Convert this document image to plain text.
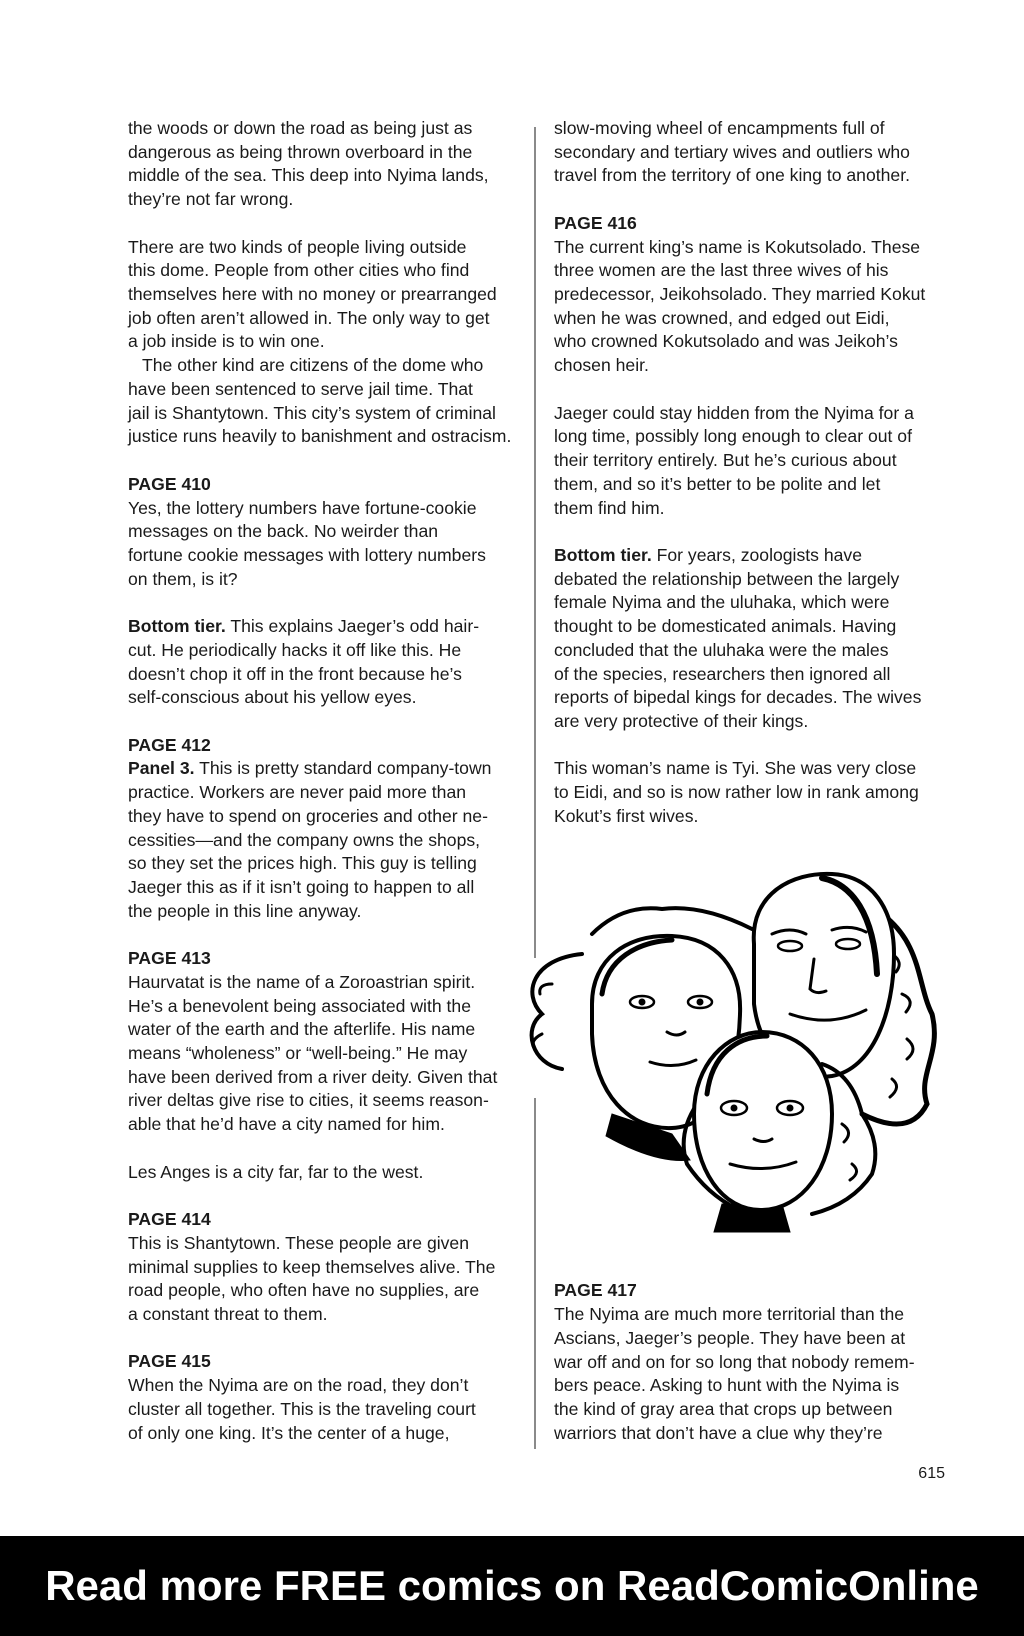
the woods or down the road as being just as
dangerous as being thrown overboard in the
middle of the sea. This deep into Nyima lands,
they’re not far wrong.
There are two kinds of people living outside
this dome. People from other cities who find
themselves here with no money or prearranged
job often aren’t allowed in. The only way to get
a job inside is to win one.
The other kind are citizens of the dome who
have been sentenced to serve jail time. That
jail is Shantytown. This city’s system of criminal
justice runs heavily to banishment and ostracism.
PAGE 410
Yes, the lottery numbers have fortune-cookie
messages on the back. No weirder than
fortune cookie messages with lottery numbers
on them, is it?
Bottom tier. This explains Jaeger’s odd hair-
cut. He periodically hacks it off like this. He
doesn’t chop it off in the front because he’s
self-conscious about his yellow eyes.
PAGE 412
Panel 3. This is pretty standard company-town
practice. Workers are never paid more than
they have to spend on groceries and other ne-
cessities—and the company owns the shops,
so they set the prices high. This guy is telling
Jaeger this as if it isn’t going to happen to all
the people in this line anyway.
PAGE 413
Haurvatat is the name of a Zoroastrian spirit.
He’s a benevolent being associated with the
water of the earth and the afterlife. His name
means “wholeness” or “well-being.” He may
have been derived from a river deity. Given that
river deltas give rise to cities, it seems reason-
able that he’d have a city named for him.
Les Anges is a city far, far to the west.
PAGE 414
This is Shantytown. These people are given
minimal supplies to keep themselves alive. The
road people, who often have no supplies, are
a constant threat to them.
PAGE 415
When the Nyima are on the road, they don’t
cluster all together. This is the traveling court
of only one king. It’s the center of a huge,
slow-moving wheel of encampments full of
secondary and tertiary wives and outliers who
travel from the territory of one king to another.
PAGE 416
The current king’s name is Kokutsolado. These
three women are the last three wives of his
predecessor, Jeikohsolado. They married Kokut
when he was crowned, and edged out Eidi,
who crowned Kokutsolado and was Jeikoh’s
chosen heir.
Jaeger could stay hidden from the Nyima for a
long time, possibly long enough to clear out of
their territory entirely. But he’s curious about
them, and so it’s better to be polite and let
them find him.
Bottom tier. For years, zoologists have
debated the relationship between the largely
female Nyima and the uluhaka, which were
thought to be domesticated animals. Having
concluded that the uluhaka were the males
of the species, researchers then ignored all
reports of bipedal kings for decades. The wives
are very protective of their kings.
This woman’s name is Tyi. She was very close
to Eidi, and so is now rather low in rank among
Kokut’s first wives.
PAGE 417
The Nyima are much more territorial than the
Ascians, Jaeger’s people. They have been at
war off and on for so long that nobody remem-
bers peace. Asking to hunt with the Nyima is
the kind of gray area that crops up between
warriors that don’t have a clue why they’re
615
Read more FREE comics on ReadComicOnline
